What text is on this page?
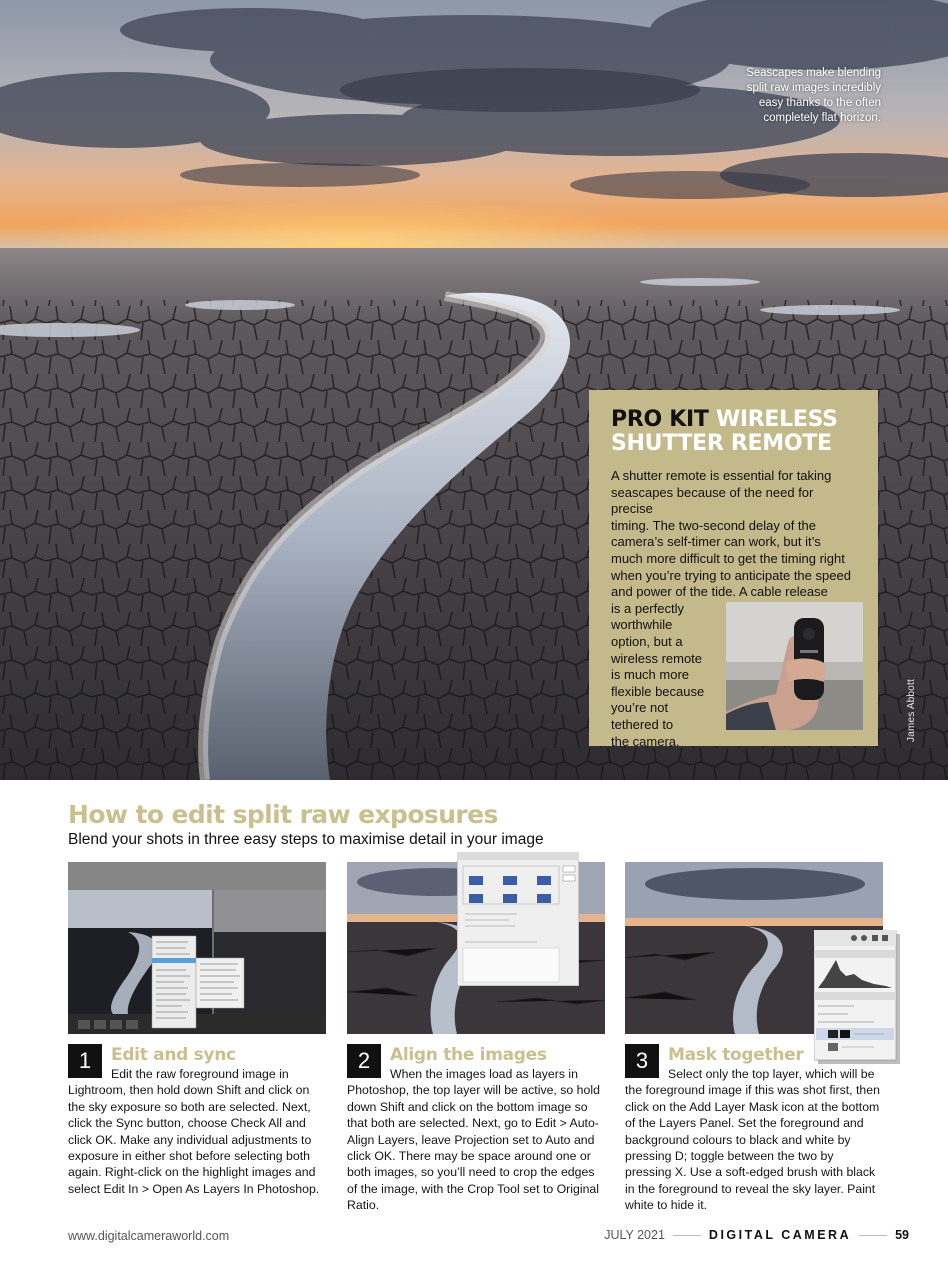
Seascapes make blending split raw images incredibly easy thanks to the often completely flat horizon.
James Abbott
PRO KIT WIRELESS SHUTTER REMOTE
A shutter remote is essential for taking
seascapes because of the need for precise
timing. The two-second delay of the
camera’s self-timer can work, but it’s
much more difficult to get the timing right
when you’re trying to anticipate the speed
and power of the tide. A cable release
is a perfectly
worthwhile
option, but a
wireless remote
is much more
flexible because
you’re not
tethered to
the camera.
How to edit split raw exposures
Blend your shots in three easy steps to maximise detail in your image
1	Edit and sync
Edit the raw foreground image in Lightroom, then hold down Shift and click on the sky exposure so both are selected. Next, click the Sync button, choose Check All and click OK. Make any individual adjustments to exposure in either shot before selecting both again. Right-click on the highlight images and select Edit In > Open As Layers In Photoshop.
2	Align the images
When the images load as layers in Photoshop, the top layer will be active, so hold down Shift and click on the bottom image so that both are selected. Next, go to Edit > Auto-Align Layers, leave Projection set to Auto and click OK. There may be space around one or both images, so you’ll need to crop the edges of the image, with the Crop Tool set to Original Ratio.
3	Mask together
Select only the top layer, which will be the foreground image if this was shot first, then click on the Add Layer Mask icon at the bottom of the Layers Panel. Set the foreground and background colours to black and white by pressing D; toggle between the two by pressing X. Use a soft-edged brush with black in the foreground to reveal the sky layer. Paint white to hide it.
www.digitalcameraworld.com	JULY 2021	DIGITAL CAMERA	59
